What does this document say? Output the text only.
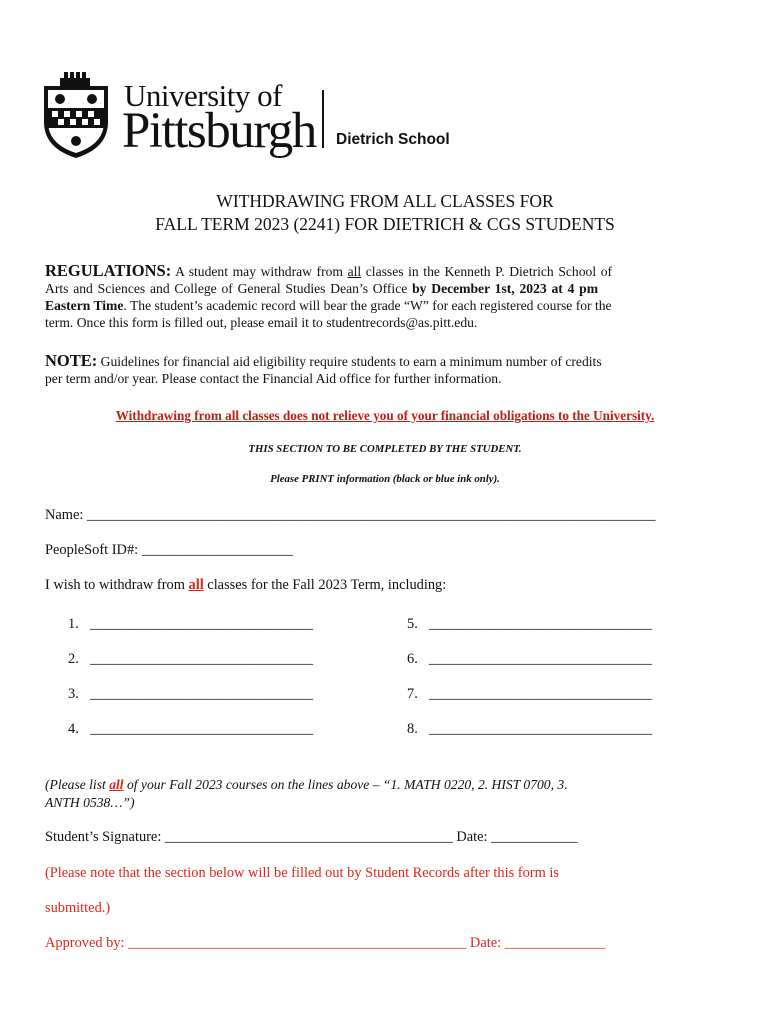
University of
Pittsburgh Dietrich School
WITHDRAWING FROM ALL CLASSES FOR
FALL TERM 2023 (2241) FOR DIETRICH & CGS STUDENTS
REGULATIONS: A student may withdraw from all classes in the Kenneth P. Dietrich School of
Arts and Sciences and College of General Studies Dean’s Office by December 1st, 2023 at 4 pm
Eastern Time. The student’s academic record will bear the grade “W” for each registered course for the
term. Once this form is filled out, please email it to studentrecords@as.pitt.edu.
NOTE: Guidelines for financial aid eligibility require students to earn a minimum number of credits
per term and/or year. Please contact the Financial Aid office for further information.
Withdrawing from all classes does not relieve you of your financial obligations to the University.
THIS SECTION TO BE COMPLETED BY THE STUDENT.
Please PRINT information (black or blue ink only).
Name: _______________________________________________________________________________
PeopleSoft ID#: _____________________
I wish to withdraw from all classes for the Fall 2023 Term, including:
1. _______________________________
2. _______________________________
3. _______________________________
4. _______________________________
5. _______________________________
6. _______________________________
7. _______________________________
8. _______________________________
(Please list all of your Fall 2023 courses on the lines above – “1. MATH 0220, 2. HIST 0700, 3.
ANTH 0538…”)
Student’s Signature: ________________________________________ Date: ____________
(Please note that the section below will be filled out by Student Records after this form is
submitted.)
Approved by: _______________________________________________ Date: ______________
